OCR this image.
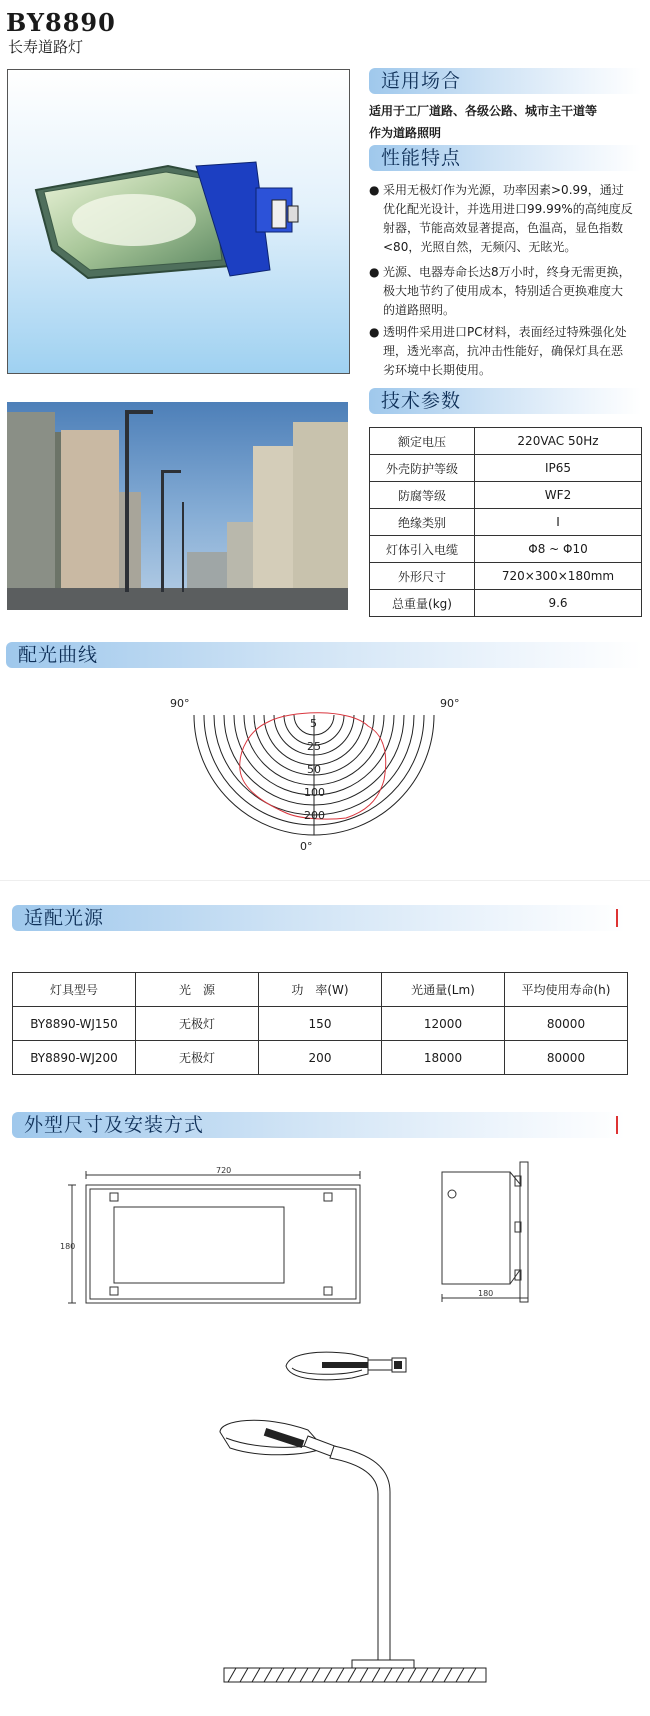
BY8890
长寿道路灯
适用场合
适用于工厂道路、各级公路、城市主干道等
作为道路照明
性能特点
● 采用无极灯作为光源，功率因素>0.99，通过
优化配光设计，并选用进口99.99%的高纯度反
射器，节能高效显著提高，色温高，显色指数
<80，光照自然，无频闪、无眩光。
● 光源、电器寿命长达8万小时，终身无需更换，
极大地节约了使用成本，特别适合更换难度大
的道路照明。
● 透明件采用进口PC材料，表面经过特殊强化处
理，透光率高，抗冲击性能好，确保灯具在恶
劣环境中长期使用。
技术参数
额定电压	220VAC 50Hz
外壳防护等级	IP65
防腐等级	WF2
绝缘类别	I
灯体引入电缆	Φ8 ~ Φ10
外形尺寸	720×300×180mm
总重量(kg)	9.6
配光曲线
90°	90°
0°
5
25
50
100
200
适配光源
灯具型号	光　源	功　率(W)	光通量(Lm)	平均使用寿命(h)
BY8890-WJ150	无极灯	150	12000	80000
BY8890-WJ200	无极灯	200	18000	80000
外型尺寸及安装方式
720
180
180
